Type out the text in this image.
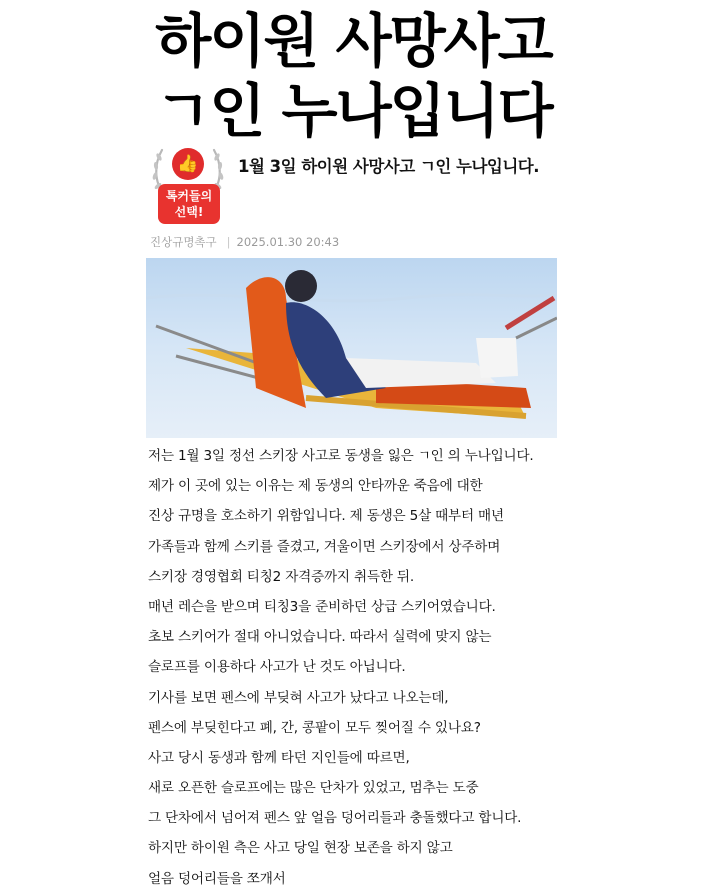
하이원 사망사고
ㄱ인 누나입니다
👍
톡커들의
선택!
1월 3일 하이원 사망사고 ㄱ인 누나입니다.
진상규명촉구 | 2025.01.30 20:43
저는 1월 3일 정선 스키장 사고로 동생을 잃은 ㄱ인 의 누나입니다.
제가 이 곳에 있는 이유는 제 동생의 안타까운 죽음에 대한
진상 규명을 호소하기 위함입니다. 제 동생은 5살 때부터 매년
가족들과 함께 스키를 즐겼고, 겨울이면 스키장에서 상주하며
스키장 경영협회 티칭2 자격증까지 취득한 뒤.
매년 레슨을 받으며 티칭3을 준비하던 상급 스키어였습니다.
초보 스키어가 절대 아니었습니다. 따라서 실력에 맞지 않는
슬로프를 이용하다 사고가 난 것도 아닙니다.
기사를 보면 펜스에 부딪혀 사고가 났다고 나오는데,
펜스에 부딪힌다고 폐, 간, 콩팥이 모두 찢어질 수 있나요?
사고 당시 동생과 함께 타던 지인들에 따르면,
새로 오픈한 슬로프에는 많은 단차가 있었고, 멈추는 도중
그 단차에서 넘어져 펜스 앞 얼음 덩어리들과 충돌했다고 합니다.
하지만 하이원 측은 사고 당일 현장 보존을 하지 않고
얼음 덩어리들을 쪼개서
